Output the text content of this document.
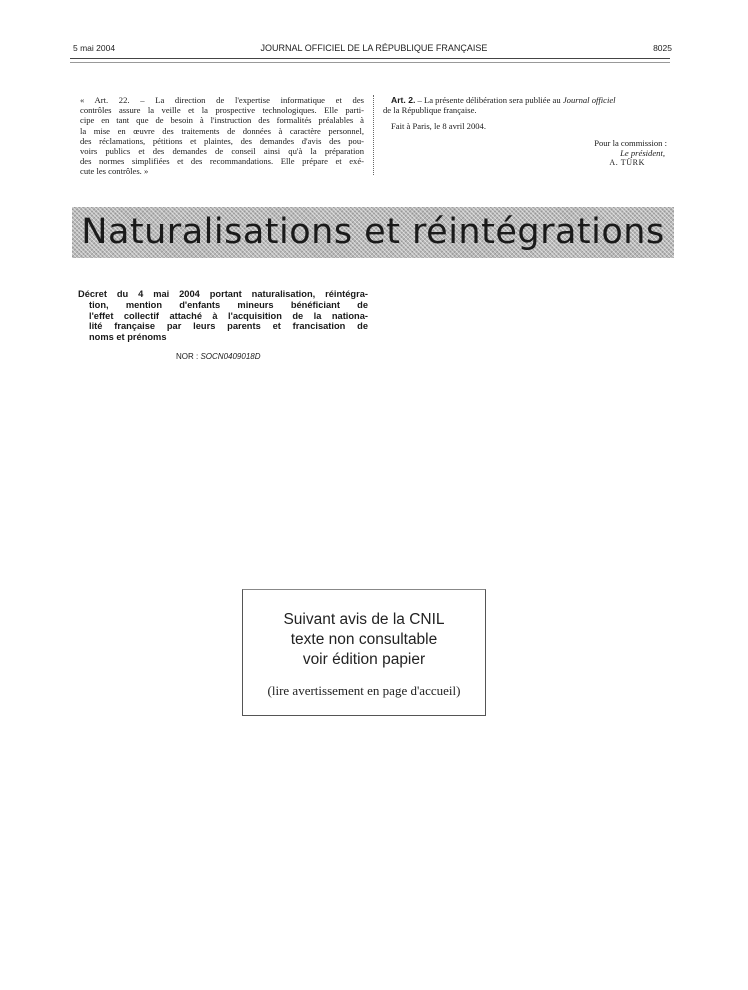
5 mai 2004	JOURNAL OFFICIEL DE LA RÉPUBLIQUE FRANÇAISE	8025
« Art. 22. – La direction de l'expertise informatique et des
contrôles assure la veille et la prospective technologiques. Elle parti-
cipe en tant que de besoin à l'instruction des formalités préalables à
la mise en œuvre des traitements de données à caractère personnel,
des réclamations, pétitions et plaintes, des demandes d'avis des pou-
voirs publics et des demandes de conseil ainsi qu'à la préparation
des normes simplifiées et des recommandations. Elle prépare et exé-
cute les contrôles. »

Art. 2. – La présente délibération sera publiée au Journal officiel

de la République française.

Fait à Paris, le 8 avril 2004.

Pour la commission :

Le président,

A. TÜRK

Naturalisations et réintégrations
Décret du 4 mai 2004 portant naturalisation, réintégra-
tion, mention d'enfants mineurs bénéficiant de
l'effet collectif attaché à l'acquisition de la nationa-
lité française par leurs parents et francisation de
noms et prénoms
NOR : SOCN0409018D
Suivant avis de la CNIL
texte non consultable
voir édition papier
(lire avertissement en page d'accueil)
